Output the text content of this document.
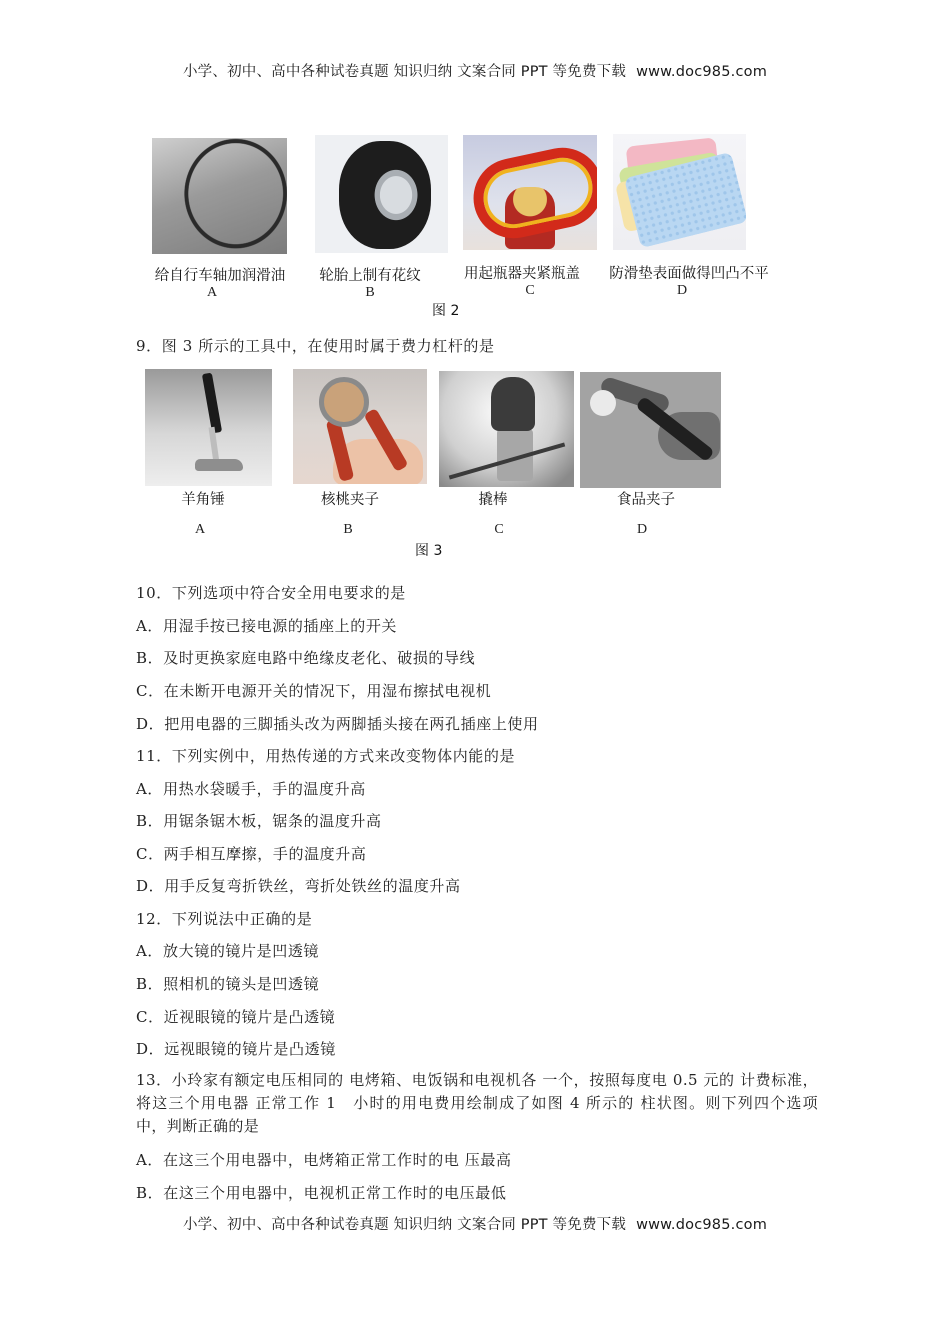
小学、初中、高中各种试卷真题 知识归纳 文案合同 PPT 等免费下载 www.doc985.com
给自行车轴加润滑油	轮胎上制有花纹	用起瓶器夹紧瓶盖	防滑垫表面做得凹凸不平
A	B	C	D
图 2
9．图 3 所示的工具中，在使用时属于费力杠杆的是
羊角锤	核桃夹子	撬棒	食品夹子
A	B	C	D
图 3
10．下列选项中符合安全用电要求的是
A．用湿手按已接电源的插座上的开关
B．及时更换家庭电路中绝缘皮老化、破损的导线
C．在未断开电源开关的情况下，用湿布擦拭电视机
D．把用电器的三脚插头改为两脚插头接在两孔插座上使用
11．下列实例中，用热传递的方式来改变物体内能的是
A．用热水袋暖手，手的温度升高
B．用锯条锯木板，锯条的温度升高
C．两手相互摩擦，手的温度升高
D．用手反复弯折铁丝，弯折处铁丝的温度升高
12．下列说法中正确的是
A．放大镜的镜片是凹透镜
B．照相机的镜头是凹透镜
C．近视眼镜的镜片是凸透镜
D．远视眼镜的镜片是凸透镜
13．小玲家有额定电压相同的 电烤箱、电饭锅和电视机各 一个，按照每度电 0.5 元的 计费标准，将这三个用电器 正常工作 1　小时的用电费用绘制成了如图 4 所示的 柱状图。则下列四个选项 中，判断正确的是
A．在这三个用电器中，电烤箱正常工作时的电 压最高
B．在这三个用电器中，电视机正常工作时的电压最低
小学、初中、高中各种试卷真题 知识归纳 文案合同 PPT 等免费下载 www.doc985.com
